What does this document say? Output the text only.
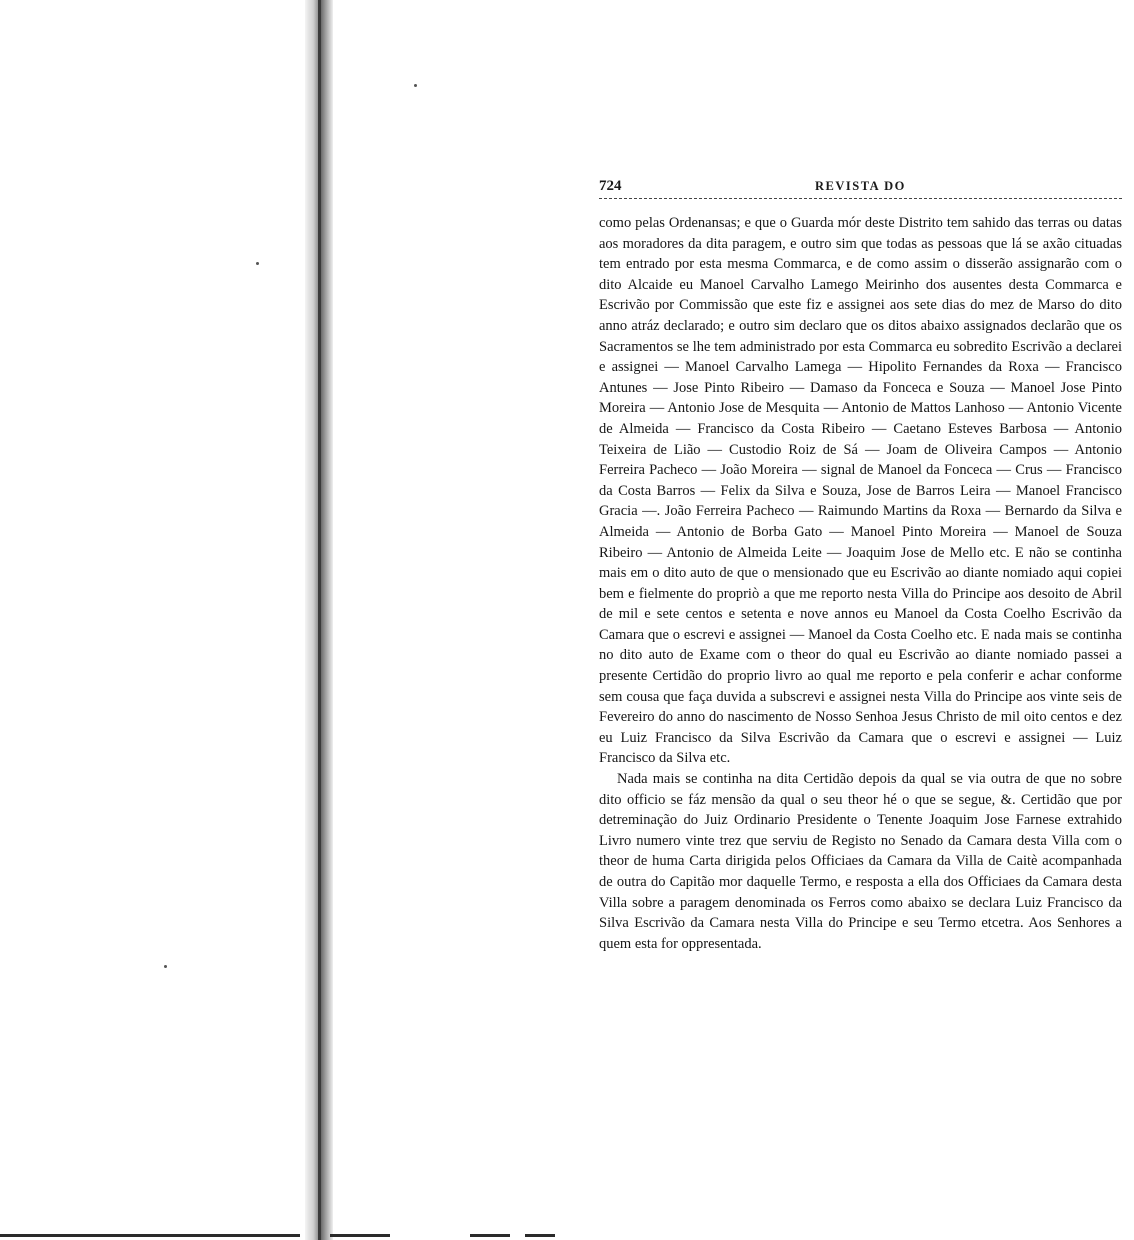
724	REVISTA DO

como pelas Ordenansas; e que o Guarda mór deste Distrito tem sahido das terras ou datas aos moradores da dita paragem, e outro sim que todas as pessoas que lá se axão cituadas tem entrado por esta mesma Commarca, e de como assim o disserão assignarão com o dito Alcaide eu Manoel Carvalho Lamego Meirinho dos ausentes desta Commarca e Escrivão por Commissão que este fiz e assignei aos sete dias do mez de Marso do dito anno atráz declarado; e outro sim declaro que os ditos abaixo assignados declarão que os Sacramentos se lhe tem administrado por esta Commarca eu sobredito Escrivão a declarei e assignei — Manoel Carvalho Lamega — Hipolito Fernandes da Roxa — Francisco Antunes — Jose Pinto Ribeiro — Damaso da Fonceca e Souza — Manoel Jose Pinto Moreira — Antonio Jose de Mesquita — Antonio de Mattos Lanhoso — Antonio Vicente de Almeida — Francisco da Costa Ribeiro — Caetano Esteves Barbosa — Antonio Teixeira de Lião — Custodio Roiz de Sá — Joam de Oliveira Campos — Antonio Ferreira Pacheco — João Moreira — signal de Manoel da Fonceca — Crus — Francisco da Costa Barros — Felix da Silva e Souza, Jose de Barros Leira — Manoel Francisco Gracia —. João Ferreira Pacheco — Raimundo Martins da Roxa — Bernardo da Silva e Almeida — Antonio de Borba Gato — Manoel Pinto Moreira — Manoel de Souza Ribeiro — Antonio de Almeida Leite — Joaquim Jose de Mello etc. E não se continha mais em o dito auto de que o mensionado que eu Escrivão ao diante nomiado aqui copiei bem e fielmente do propriò a que me reporto nesta Villa do Principe aos desoito de Abril de mil e sete centos e setenta e nove annos eu Manoel da Costa Coelho Escrivão da Camara que o escrevi e assignei — Manoel da Costa Coelho etc. E nada mais se continha no dito auto de Exame com o theor do qual eu Escrivão ao diante nomiado passei a presente Certidão do proprio livro ao qual me reporto e pela conferir e achar conforme sem cousa que faça duvida a subscrevi e assignei nesta Villa do Principe aos vinte seis de Fevereiro do anno do nascimento de Nosso Senhoa Jesus Christo de mil oito centos e dez eu Luiz Francisco da Silva Escrivão da Camara que o escrevi e assignei — Luiz Francisco da Silva etc.

Nada mais se continha na dita Certidão depois da qual se via outra de que no sobre dito officio se fáz mensão da qual o seu theor hé o que se segue, &. Certidão que por detreminação do Juiz Ordinario Presidente o Tenente Joaquim Jose Farnese extrahido Livro numero vinte trez que serviu de Registo no Senado da Camara desta Villa com o theor de huma Carta dirigida pelos Officiaes da Camara da Villa de Caitè acompanhada de outra do Capitão mor daquelle Termo, e resposta a ella dos Officiaes da Camara desta Villa sobre a paragem denominada os Ferros como abaixo se declara Luiz Francisco da Silva Escrivão da Camara nesta Villa do Principe e seu Termo etcetra. Aos Senhores a quem esta for oppresentada.
